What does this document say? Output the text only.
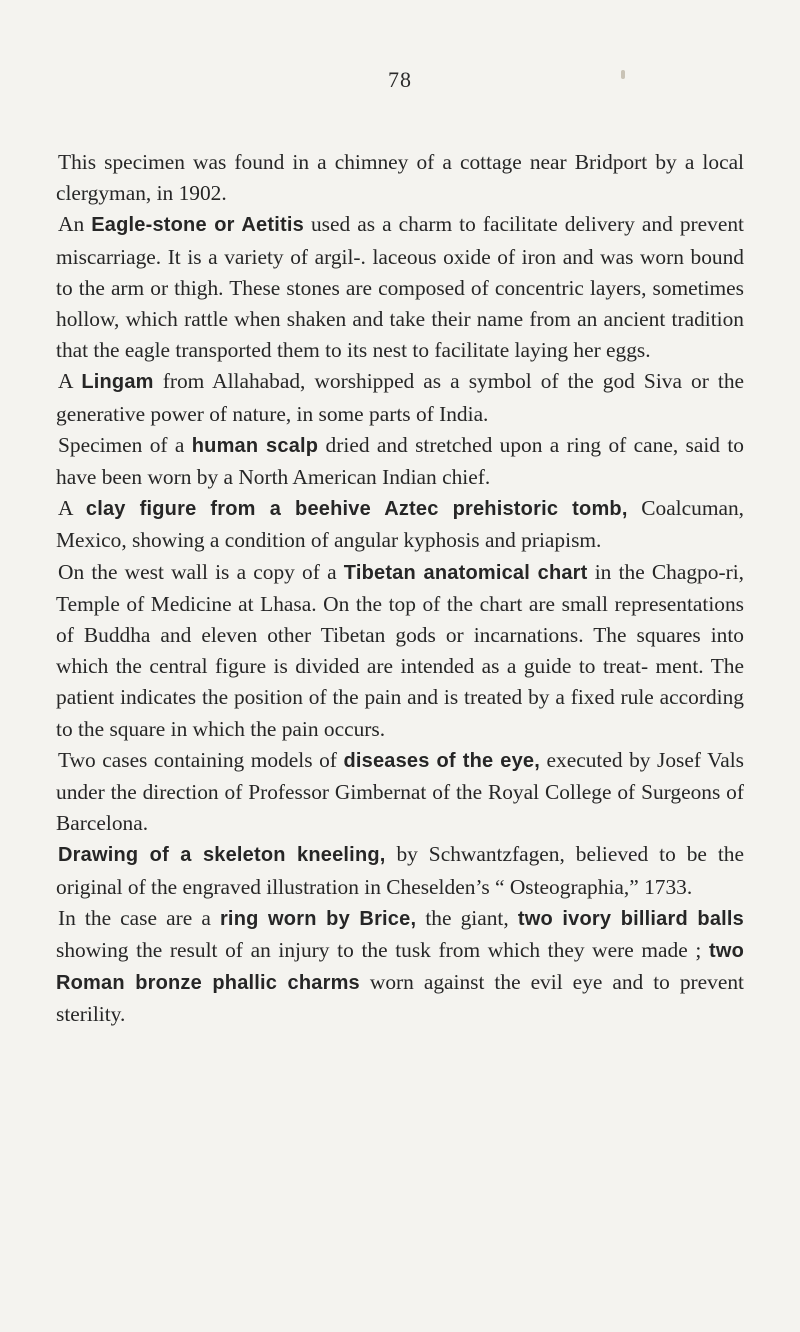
78

This specimen was found in a chimney of a cottage near Bridport by a local clergyman, in 1902.

An Eagle-stone or Aetitis used as a charm to facilitate delivery and prevent miscarriage. It is a variety of argil-. laceous oxide of iron and was worn bound to the arm or thigh. These stones are composed of concentric layers, sometimes hollow, which rattle when shaken and take their name from an ancient tradition that the eagle transported them to its nest to facilitate laying her eggs.

A Lingam from Allahabad, worshipped as a symbol of the god Siva or the generative power of nature, in some parts of India.

Specimen of a human scalp dried and stretched upon a ring of cane, said to have been worn by a North American Indian chief.

A clay figure from a beehive Aztec prehistoric tomb, Coalcuman, Mexico, showing a condition of angular kyphosis and priapism.

On the west wall is a copy of a Tibetan anatomical chart in the Chagpo-ri, Temple of Medicine at Lhasa. On the top of the chart are small representations of Buddha and eleven other Tibetan gods or incarnations. The squares into which the central figure is divided are intended as a guide to treat- ment. The patient indicates the position of the pain and is treated by a fixed rule according to the square in which the pain occurs.

Two cases containing models of diseases of the eye, executed by Josef Vals under the direction of Professor Gimbernat of the Royal College of Surgeons of Barcelona.

Drawing of a skeleton kneeling, by Schwantzfagen, believed to be the original of the engraved illustration in Cheselden’s “ Osteographia,” 1733.

In the case are a ring worn by Brice, the giant, two ivory billiard balls showing the result of an injury to the tusk from which they were made ; two Roman bronze phallic charms worn against the evil eye and to prevent sterility.
